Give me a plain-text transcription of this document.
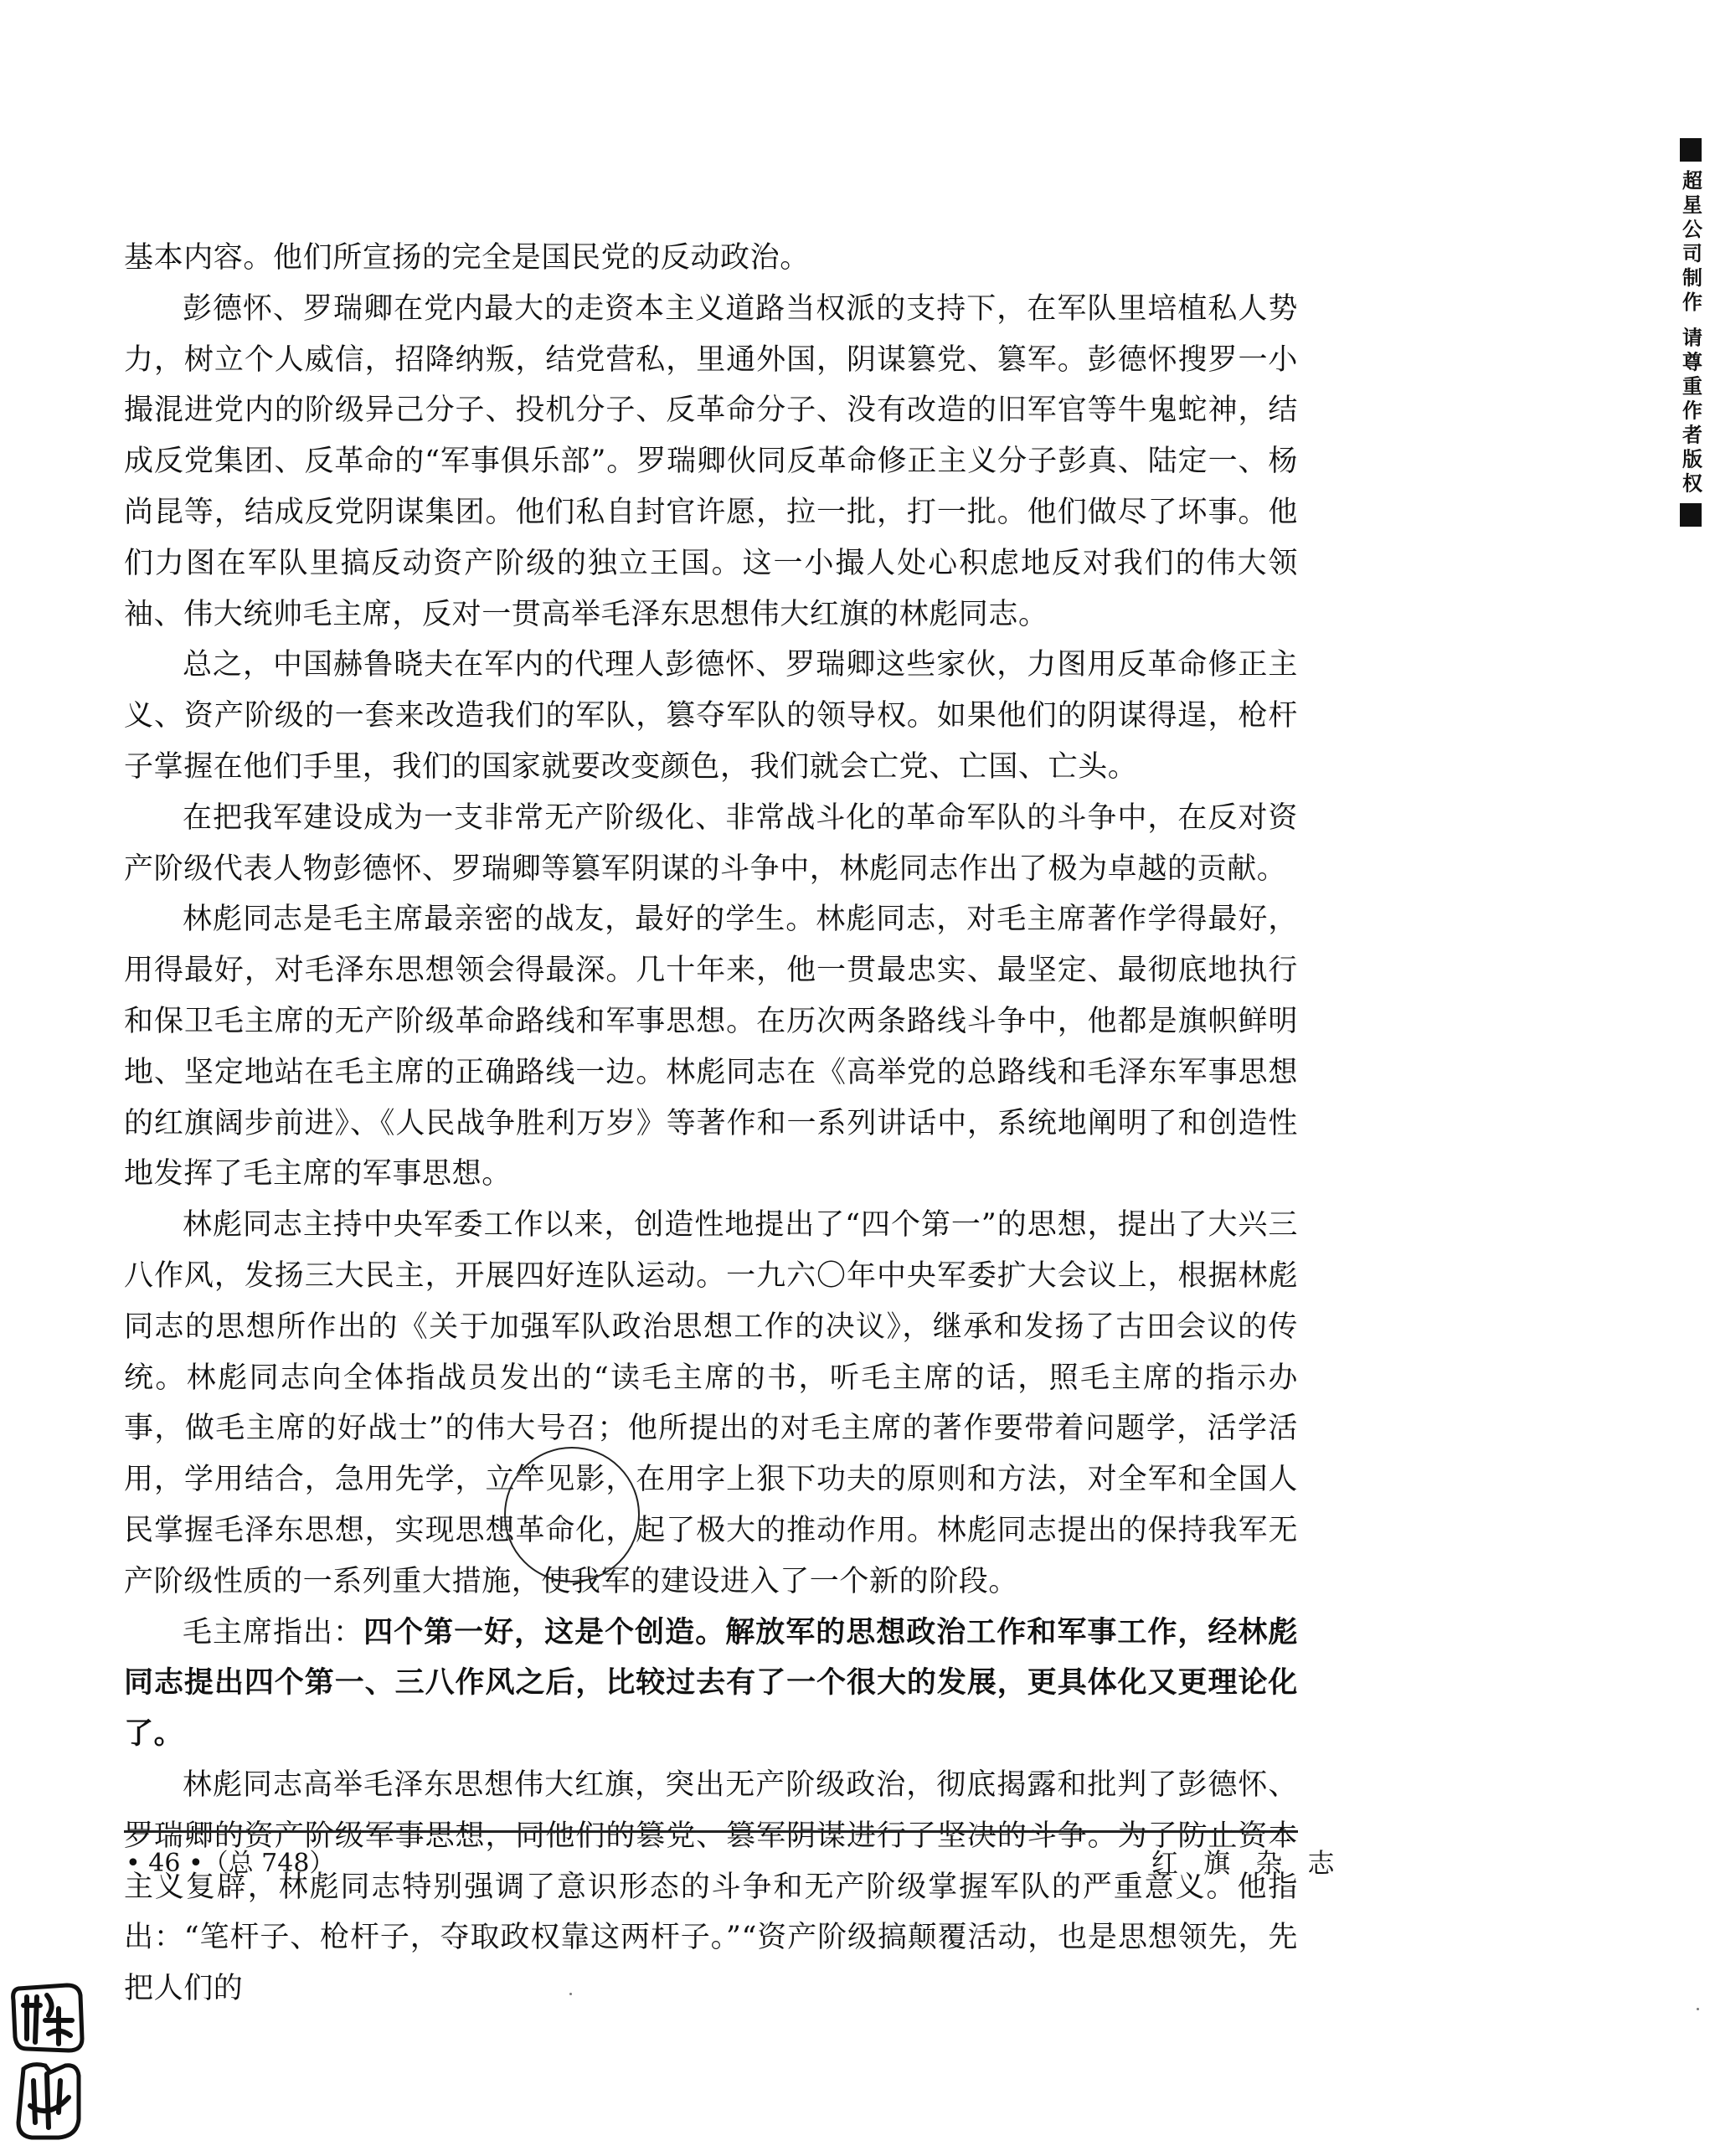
基本内容。他们所宣扬的完全是国民党的反动政治。

彭德怀、罗瑞卿在党内最大的走资本主义道路当权派的支持下，在军队里培植私人势力，树立个人威信，招降纳叛，结党营私，里通外国，阴谋篡党、篡军。彭德怀搜罗一小撮混进党内的阶级异己分子、投机分子、反革命分子、没有改造的旧军官等牛鬼蛇神，结成反党集团、反革命的“军事俱乐部”。罗瑞卿伙同反革命修正主义分子彭真、陆定一、杨尚昆等，结成反党阴谋集团。他们私自封官许愿，拉一批，打一批。他们做尽了坏事。他们力图在军队里搞反动资产阶级的独立王国。这一小撮人处心积虑地反对我们的伟大领袖、伟大统帅毛主席，反对一贯高举毛泽东思想伟大红旗的林彪同志。

总之，中国赫鲁晓夫在军内的代理人彭德怀、罗瑞卿这些家伙，力图用反革命修正主义、资产阶级的一套来改造我们的军队，篡夺军队的领导权。如果他们的阴谋得逞，枪杆子掌握在他们手里，我们的国家就要改变颜色，我们就会亡党、亡国、亡头。

在把我军建设成为一支非常无产阶级化、非常战斗化的革命军队的斗争中，在反对资产阶级代表人物彭德怀、罗瑞卿等篡军阴谋的斗争中，林彪同志作出了极为卓越的贡献。

林彪同志是毛主席最亲密的战友，最好的学生。林彪同志，对毛主席著作学得最好，用得最好，对毛泽东思想领会得最深。几十年来，他一贯最忠实、最坚定、最彻底地执行和保卫毛主席的无产阶级革命路线和军事思想。在历次两条路线斗争中，他都是旗帜鲜明地、坚定地站在毛主席的正确路线一边。林彪同志在《高举党的总路线和毛泽东军事思想的红旗阔步前进》、《人民战争胜利万岁》等著作和一系列讲话中，系统地阐明了和创造性地发挥了毛主席的军事思想。

林彪同志主持中央军委工作以来，创造性地提出了“四个第一”的思想，提出了大兴三八作风，发扬三大民主，开展四好连队运动。一九六〇年中央军委扩大会议上，根据林彪同志的思想所作出的《关于加强军队政治思想工作的决议》，继承和发扬了古田会议的传统。林彪同志向全体指战员发出的“读毛主席的书，听毛主席的话，照毛主席的指示办事，做毛主席的好战士”的伟大号召；他所提出的对毛主席的著作要带着问题学，活学活用，学用结合，急用先学，立竿见影，在用字上狠下功夫的原则和方法，对全军和全国人民掌握毛泽东思想，实现思想革命化，起了极大的推动作用。林彪同志提出的保持我军无产阶级性质的一系列重大措施，使我军的建设进入了一个新的阶段。

毛主席指出：四个第一好，这是个创造。解放军的思想政治工作和军事工作，经林彪同志提出四个第一、三八作风之后，比较过去有了一个很大的发展，更具体化又更理论化了。

林彪同志高举毛泽东思想伟大红旗，突出无产阶级政治，彻底揭露和批判了彭德怀、罗瑞卿的资产阶级军事思想，同他们的篡党、篡军阴谋进行了坚决的斗争。为了防止资本主义复辟，林彪同志特别强调了意识形态的斗争和无产阶级掌握军队的严重意义。他指出：“笔杆子、枪杆子，夺取政权靠这两杆子。”“资产阶级搞颠覆活动，也是思想领先，先把人们的

• 46 •（总 748）	红 旗 杂 志
超星公司制作 请尊重作者版权
